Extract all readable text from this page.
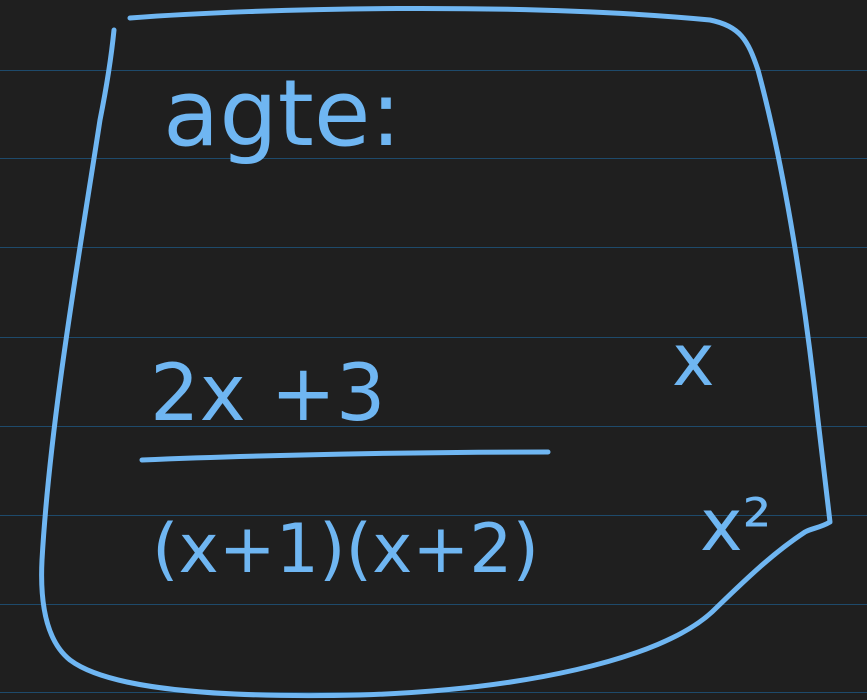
agte:
2x +3
(x+1)(x+2)
x
x²
